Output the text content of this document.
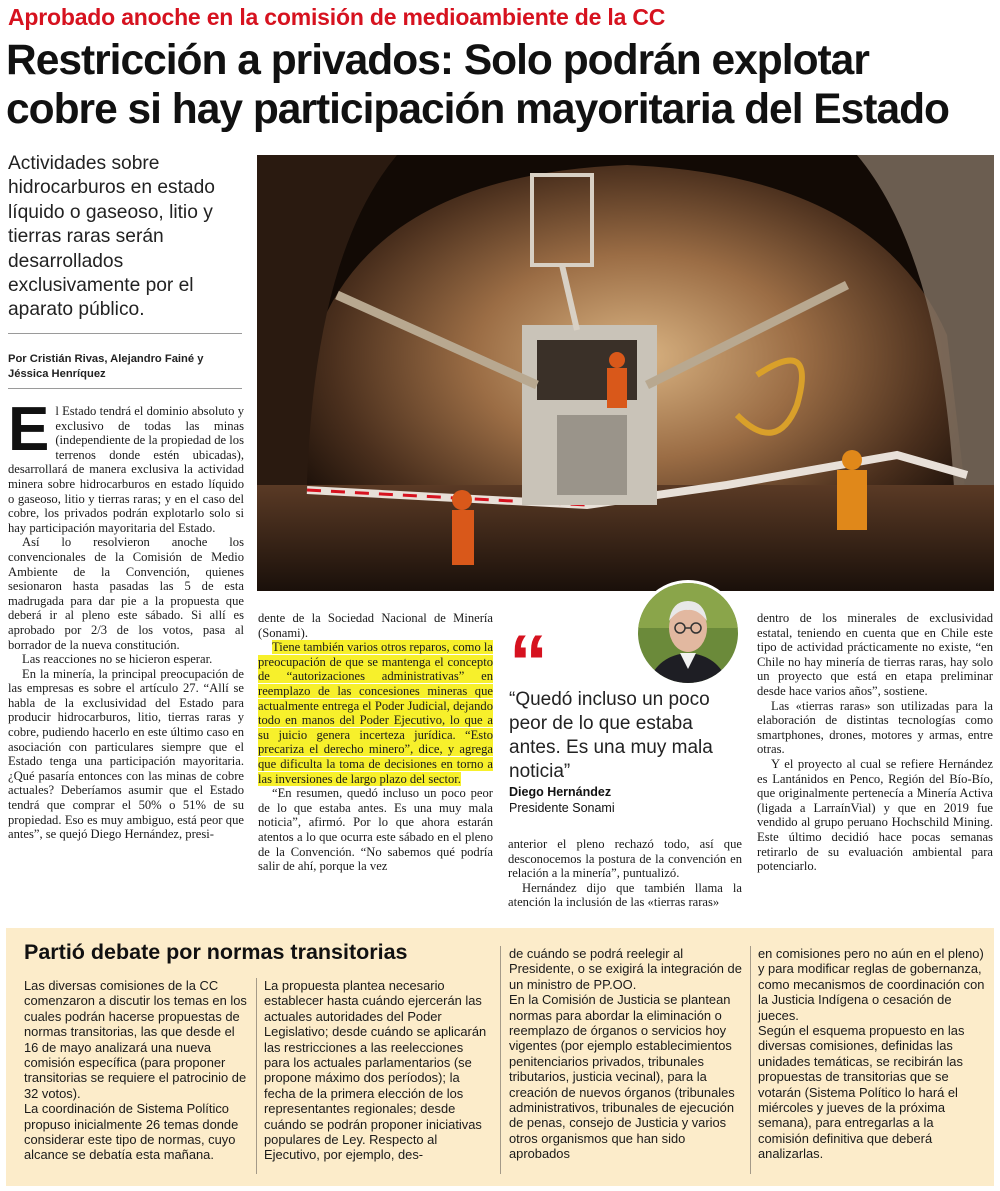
Aprobado anoche en la comisión de medioambiente de la CC
Restricción a privados: Solo podrán explotar
cobre si hay participación mayoritaria del Estado
Actividades sobre hidrocarburos en estado líquido o gaseoso, litio y tierras raras serán desarrollados exclusivamente por el aparato público.
Por Cristián Rivas, Alejandro Fainé y Jéssica Henríquez

El Estado tendrá el dominio absoluto y exclusivo de todas las minas (independiente de la propiedad de los terrenos donde estén ubicadas), desarrollará de manera exclusiva la actividad minera sobre hidrocarburos en estado líquido o gaseoso, litio y tierras raras; y en el caso del cobre, los privados podrán explotarlo solo si hay participación mayoritaria del Estado.

Así lo resolvieron anoche los convencionales de la Comisión de Medio Ambiente de la Convención, quienes sesionaron hasta pasadas las 5 de esta madrugada para dar pie a la propuesta que deberá ir al pleno este sábado. Si allí es aprobado por 2/3 de los votos, pasa al borrador de la nueva constitución.

Las reacciones no se hicieron esperar.

En la minería, la principal preocupación de las empresas es sobre el artículo 27. “Allí se habla de la exclusividad del Estado para producir hidrocarburos, litio, tierras raras y cobre, pudiendo hacerlo en este último caso en asociación con particulares siempre que el Estado tenga una participación mayoritaria. ¿Qué pasaría entonces con las minas de cobre actuales? Deberíamos asumir que el Estado tendrá que comprar el 50% o 51% de su propiedad. Eso es muy ambiguo, está peor que antes”, se quejó Diego Hernández, presi-

dente de la Sociedad Nacional de Minería (Sonami).

Tiene también varios otros reparos, como la preocupación de que se mantenga el concepto de “autorizaciones administrativas” en reemplazo de las concesiones mineras que actualmente entrega el Poder Judicial, dejando todo en manos del Poder Ejecutivo, lo que a su juicio genera incerteza jurídica. “Esto precariza el derecho minero”, dice, y agrega que dificulta la toma de decisiones en torno a las inversiones de largo plazo del sector.

“En resumen, quedó incluso un poco peor de lo que estaba antes. Es una muy mala noticia”, afirmó. Por lo que ahora estarán atentos a lo que ocurra este sábado en el pleno de la Convención. “No sabemos qué podría salir de ahí, porque la vez

“
“Quedó incluso un poco peor de lo que estaba antes. Es una muy mala noticia”
Diego Hernández
Presidente Sonami

anterior el pleno rechazó todo, así que desconocemos la postura de la convención en relación a la minería”, puntualizó.

Hernández dijo que también llama la atención la inclusión de las «tierras raras»

dentro de los minerales de exclusividad estatal, teniendo en cuenta que en Chile este tipo de actividad prácticamente no existe, “en Chile no hay minería de tierras raras, hay solo un proyecto que está en etapa preliminar desde hace varios años”, sostiene.

Las «tierras raras» son utilizadas para la elaboración de distintas tecnologías como smartphones, drones, motores y armas, entre otras.

Y el proyecto al cual se refiere Hernández es Lantánidos en Penco, Región del Bío-Bío, que originalmente pertenecía a Minería Activa (ligada a LarraínVial) y que en 2019 fue vendido al grupo peruano Hochschild Mining. Este último decidió hace pocas semanas retirarlo de su evaluación ambiental para potenciarlo.

Partió debate por normas transitorias

Las diversas comisiones de la CC comenzaron a discutir los temas en los cuales podrán hacerse propuestas de normas transitorias, las que desde el 16 de mayo analizará una nueva comisión específica (para proponer transitorias se requiere el patrocinio de 32 votos).

La coordinación de Sistema Político propuso inicialmente 26 temas donde considerar este tipo de normas, cuyo alcance se debatía esta mañana.

La propuesta plantea necesario establecer hasta cuándo ejercerán las actuales autoridades del Poder Legislativo; desde cuándo se aplicarán las restricciones a las reelecciones para los actuales parlamentarios (se propone máximo dos períodos); la fecha de la primera elección de los representantes regionales; desde cuándo se podrán proponer iniciativas populares de Ley. Respecto al Ejecutivo, por ejemplo, des-

de cuándo se podrá reelegir al Presidente, o se exigirá la integración de un ministro de PP.OO.

En la Comisión de Justicia se plantean normas para abordar la eliminación o reemplazo de órganos o servicios hoy vigentes (por ejemplo establecimientos penitenciarios privados, tribunales tributarios, justicia vecinal), para la creación de nuevos órganos (tribunales administrativos, tribunales de ejecución de penas, consejo de Justicia y varios otros organismos que han sido aprobados

en comisiones pero no aún en el pleno) y para modificar reglas de gobernanza, como mecanismos de coordinación con la Justicia Indígena o cesación de jueces.

Según el esquema propuesto en las diversas comisiones, definidas las unidades temáticas, se recibirán las propuestas de transitorias que se votarán (Sistema Político lo hará el miércoles y jueves de la próxima semana), para entregarlas a la comisión definitiva que deberá analizarlas.
